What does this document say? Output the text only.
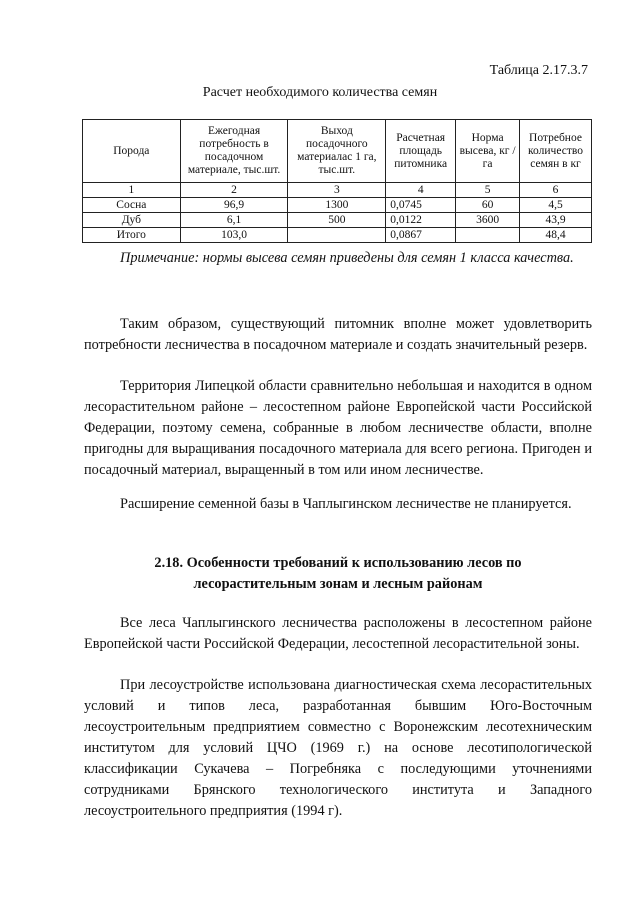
Таблица 2.17.3.7
Расчет необходимого количества семян
Порода	Ежегодная потребность в посадочном материале, тыс.шт.	Выход посадочного материалас 1 га, тыс.шт.	Расчетная площадь питомника	Норма высева, кг / га	Потребное количество семян в кг
1	2	3	4	5	6
Сосна	96,9	1300	0,0745	60	4,5
Дуб	6,1	500	0,0122	3600	43,9
Итого	103,0		0,0867		48,4

Примечание: нормы высева семян приведены для семян 1 класса качества.

Таким образом, существующий питомник вполне может удовлетворить потребности лесничества в посадочном материале и создать значительный резерв.

Территория Липецкой области сравнительно небольшая и находится в одном лесорастительном районе – лесостепном районе Европейской части Российской Федерации, поэтому семена, собранные в любом лесничестве области, вполне пригодны для выращивания посадочного материала для всего региона. Пригоден и посадочный материал, выращенный в том или ином лесничестве.

Расширение семенной базы в Чаплыгинском лесничестве не планируется.

2.18. Особенности требований к использованию лесов по
лесорастительным зонам и лесным районам

Все леса Чаплыгинского лесничества расположены в лесостепном районе Европейской части Российской Федерации, лесостепной лесорастительной зоны.

При лесоустройстве использована диагностическая схема лесорастительных условий и типов леса, разработанная бывшим Юго-Восточным лесоустроительным предприятием совместно с Воронежским лесотехническим институтом для условий ЦЧО (1969 г.) на основе лесотипологической классификации Сукачева – Погребняка с последующими уточнениями сотрудниками Брянского технологического института и Западного лесоустроительного предприятия (1994 г).
